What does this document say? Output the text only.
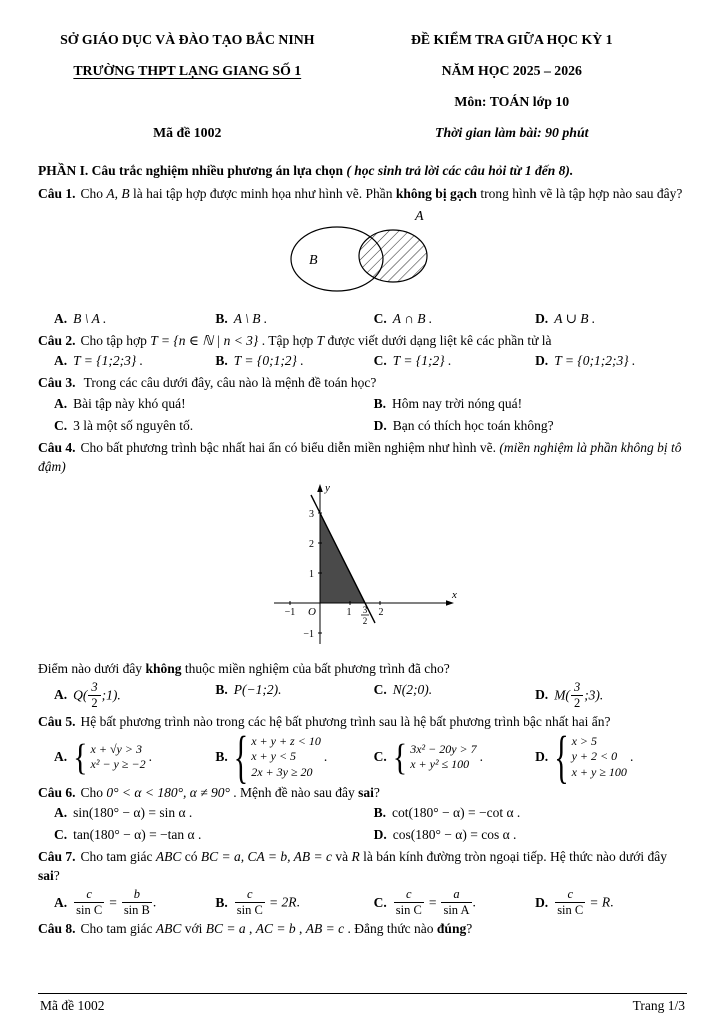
SỞ GIÁO DỤC VÀ ĐÀO TẠO BẮC NINH
TRƯỜNG THPT LẠNG GIANG SỐ 1
Mã đề 1002
ĐỀ KIỂM TRA GIỮA HỌC KỲ 1
NĂM HỌC 2025 – 2026
Môn: TOÁN lớp 10
Thời gian làm bài: 90 phút

PHẦN I. Câu trắc nghiệm nhiều phương án lựa chọn ( học sinh trả lời các câu hỏi từ 1 đến 8).

Câu 1. Cho A, B là hai tập hợp được minh họa như hình vẽ. Phần không bị gạch trong hình vẽ là tập hợp nào sau đây?

A
B
A. B \ A .	B. A \ B .	C. A ∩ B .	D. A ∪ B .

Câu 2. Cho tập hợp T = {n ∈ ℕ | n < 3} . Tập hợp T được viết dưới dạng liệt kê các phần tử là

A. T = {1;2;3} .	B. T = {0;1;2} .	C. T = {1;2} .	D. T = {0;1;2;3} .

Câu 3. Trong các câu dưới đây, câu nào là mệnh đề toán học?

A. Bài tập này khó quá!	B. Hôm nay trời nóng quá!
C. 3 là một số nguyên tố.	D. Bạn có thích học toán không?

Câu 4. Cho bất phương trình bậc nhất hai ẩn có biểu diễn miền nghiệm như hình vẽ. (miền nghiệm là phần không bị tô đậm)

3
2
1
−1
−1	1	2
3
2
O
x
y

Điểm nào dưới đây không thuộc miền nghiệm của bất phương trình đã cho?

A. $Q( \frac{3}{2}$ ;1).	B. P(−1;2).	C. N(2;0).	D. $M( \frac{3}{2}$ ;3).

Câu 5. Hệ bất phương trình nào trong các hệ bất phương trình sau là hệ bất phương trình bậc nhất hai ẩn?

A. { x + √y > 3
x² − y ≥ −2
.	B. { x + y + z < 10
x + y < 5
2x + 3y ≥ 20
.	C. { 3x² − 20y > 7
x + y² ≤ 100
.	D. { x > 5
y + 2 < 0
x + y ≥ 100
.

Câu 6. Cho 0° < α < 180°, α ≠ 90° . Mệnh đề nào sau đây sai?

A. sin(180° − α) = sin α .	B. cot(180° − α) = −cot α .
C. tan(180° − α) = −tan α .	D. cos(180° − α) = cos α .

Câu 7. Cho tam giác ABC có BC = a, CA = b, AB = c và R là bán kính đường tròn ngoại tiếp. Hệ thức nào dưới đây sai?

A. $\frac{c}{\text{sin C}} = \frac{b}{\text{sin B}}$ .	B. $\frac{c}{\text{sin C}} = 2R$.	C. $\frac{c}{\text{sin C}} = \frac{a}{\text{sin A}}$ .	D. $\frac{c}{\text{sin C}} = R$.

Câu 8. Cho tam giác ABC với BC = a , AC = b , AB = c . Đẳng thức nào đúng?

Mã đề 1002	Trang 1/3
